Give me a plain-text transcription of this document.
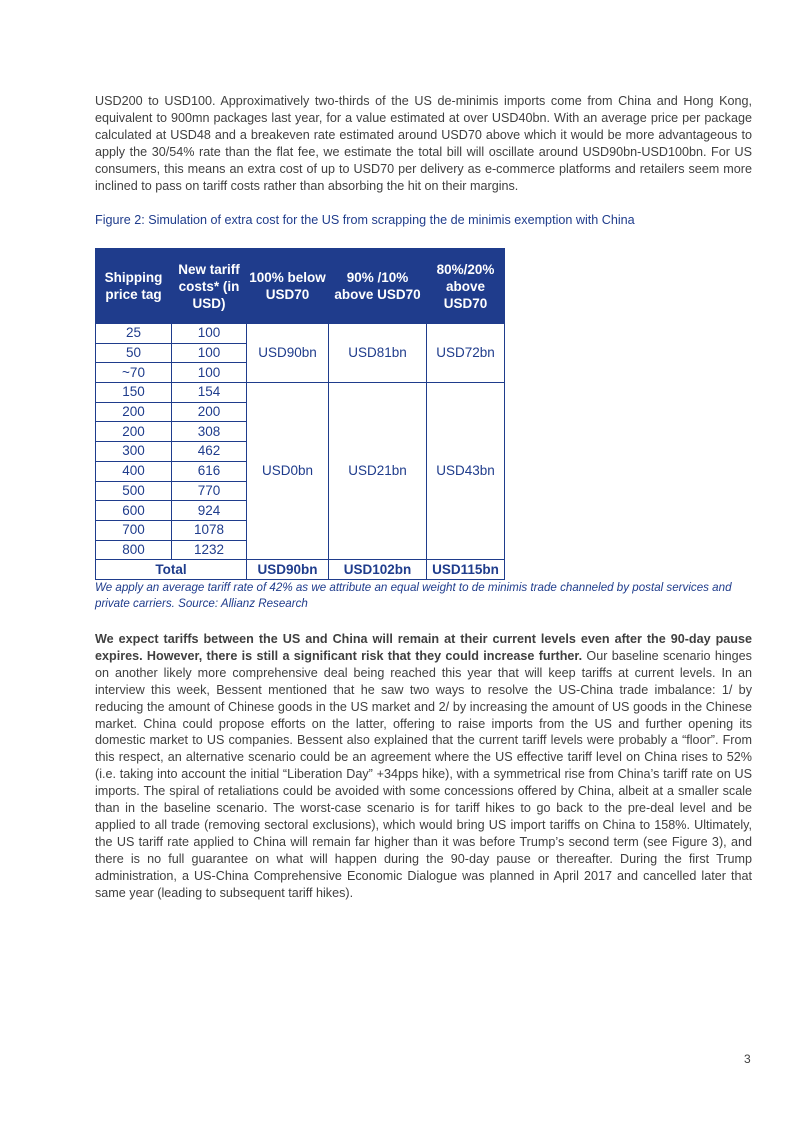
USD200 to USD100. Approximatively two-thirds of the US de-minimis imports come from China and Hong Kong, equivalent to 900mn packages last year, for a value estimated at over USD40bn. With an average price per package calculated at USD48 and a breakeven rate estimated around USD70 above which it would be more advantageous to apply the 30/54% rate than the flat fee, we estimate the total bill will oscillate around USD90bn-USD100bn. For US consumers, this means an extra cost of up to USD70 per delivery as e-commerce platforms and retailers seem more inclined to pass on tariff costs rather than absorbing the hit on their margins.

Figure 2: Simulation of extra cost for the US from scrapping the de minimis exemption with China

Shipping price tag	New tariff costs* (in USD)	100% below USD70	90% /10% above USD70	80%/20% above USD70
25	100	USD90bn	USD81bn	USD72bn
50	100			
~70	100			
150	154	USD0bn	USD21bn	USD43bn
200	200			
200	308			
300	462			
400	616			
500	770			
600	924			
700	1078			
800	1232			
Total		USD90bn	USD102bn	USD115bn

We apply an average tariff rate of 42% as we attribute an equal weight to de minimis trade channeled by postal services and private carriers. Source: Allianz Research

We expect tariffs between the US and China will remain at their current levels even after the 90-day pause expires. However, there is still a significant risk that they could increase further. Our baseline scenario hinges on another likely more comprehensive deal being reached this year that will keep tariffs at current levels. In an interview this week, Bessent mentioned that he saw two ways to resolve the US-China trade imbalance: 1/ by reducing the amount of Chinese goods in the US market and 2/ by increasing the amount of US goods in the Chinese market. China could propose efforts on the latter, offering to raise imports from the US and further opening its domestic market to US companies. Bessent also explained that the current tariff levels were probably a “floor”. From this respect, an alternative scenario could be an agreement where the US effective tariff level on China rises to 52% (i.e. taking into account the initial “Liberation Day” +34pps hike), with a symmetrical rise from China’s tariff rate on US imports. The spiral of retaliations could be avoided with some concessions offered by China, albeit at a smaller scale than in the baseline scenario. The worst-case scenario is for tariff hikes to go back to the pre-deal level and be applied to all trade (removing sectoral exclusions), which would bring US import tariffs on China to 158%. Ultimately, the US tariff rate applied to China will remain far higher than it was before Trump’s second term (see Figure 3), and there is no full guarantee on what will happen during the 90-day pause or thereafter. During the first Trump administration, a US-China Comprehensive Economic Dialogue was planned in April 2017 and cancelled later that same year (leading to subsequent tariff hikes).

3
